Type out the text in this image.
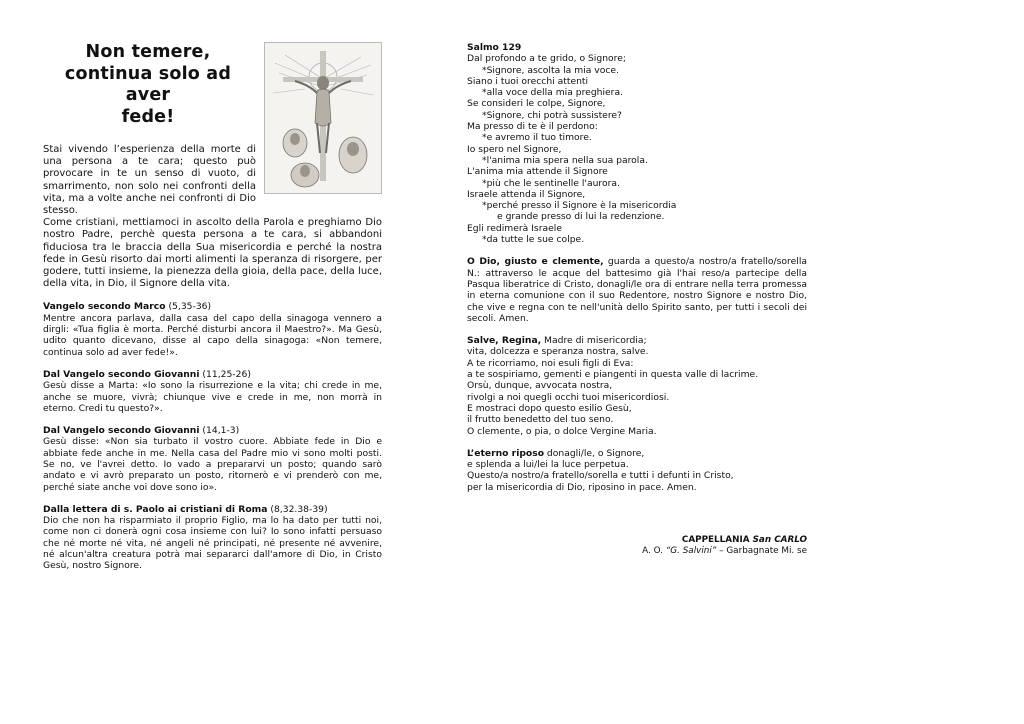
Non temere,
continua solo ad aver
fede!
Stai vivendo l’esperienza della morte di una persona a te cara; questo può provocare in te un senso di vuoto, di smarrimento, non solo nei confronti della vita, ma a volte anche nei confronti di Dio stesso.
Come cristiani, mettiamoci in ascolto della Parola e preghiamo Dio nostro Padre, perchè questa persona a te cara, si abbandoni fiduciosa tra le braccia della Sua misericordia e perché la nostra fede in Gesù risorto dai morti alimenti la speranza di risorgere, per godere, tutti insieme, la pienezza della gioia, della pace, della luce, della vita, in Dio, il Signore della vita.
Vangelo secondo Marco (5,35-36)
Mentre ancora parlava, dalla casa del capo della sinagoga vennero a dirgli: «Tua figlia è morta. Perché disturbi ancora il Maestro?». Ma Gesù, udito quanto dicevano, disse al capo della sinagoga: «Non temere, continua solo ad aver fede!».
Dal Vangelo secondo Giovanni (11,25-26)
Gesù disse a Marta: «Io sono la risurrezione e la vita; chi crede in me, anche se muore, vivrà; chiunque vive e crede in me, non morrà in eterno. Credi tu questo?».
Dal Vangelo secondo Giovanni (14,1-3)
Gesù disse: «Non sia turbato il vostro cuore. Abbiate fede in Dio e abbiate fede anche in me. Nella casa del Padre mio vi sono molti posti. Se no, ve l'avrei detto. Io vado a prepararvi un posto; quando sarò andato e vi avrò preparato un posto, ritornerò e vi prenderò con me, perché siate anche voi dove sono io».
Dalla lettera di s. Paolo ai cristiani di Roma (8,32.38-39)
Dio che non ha risparmiato il proprio Figlio, ma lo ha dato per tutti noi, come non ci donerà ogni cosa insieme con lui? Io sono infatti persuaso che né morte né vita, né angeli né principati, né presente né avvenire, né alcun'altra creatura potrà mai separarci dall'amore di Dio, in Cristo Gesù, nostro Signore.
Salmo 129
Dal profondo a te grido, o Signore;
*Signore, ascolta la mia voce.
Siano i tuoi orecchi attenti
*alla voce della mia preghiera.
Se consideri le colpe, Signore,
*Signore, chi potrà sussistere?
Ma presso di te è il perdono:
*e avremo il tuo timore.
Io spero nel Signore,
*l'anima mia spera nella sua parola.
L'anima mia attende il Signore
*più che le sentinelle l'aurora.
Israele attenda il Signore,
*perché presso il Signore è la misericordia
e grande presso di lui la redenzione.
Egli redimerà Israele
*da tutte le sue colpe.
O Dio, giusto e clemente, guarda a questo/a nostro/a fratello/sorella N.: attraverso le acque del battesimo già l'hai reso/a partecipe della Pasqua liberatrice di Cristo, donagli/le ora di entrare nella terra promessa in eterna comunione con il suo Redentore, nostro Signore e nostro Dio, che vive e regna con te nell'unità dello Spirito santo, per tutti i secoli dei secoli. Amen.
Salve, Regina, Madre di misericordia;
vita, dolcezza e speranza nostra, salve.
A te ricorriamo, noi esuli figli di Eva:
a te sospiriamo, gementi e piangenti in questa valle di lacrime.
Orsù, dunque, avvocata nostra,
rivolgi a noi quegli occhi tuoi misericordiosi.
E mostraci dopo questo esilio Gesù,
il frutto benedetto del tuo seno.
O clemente, o pia, o dolce Vergine Maria.
L’eterno riposo donagli/le, o Signore,
e splenda a lui/lei la luce perpetua.
Questo/a nostro/a fratello/sorella e tutti i defunti in Cristo,
per la misericordia di Dio, riposino in pace. Amen.
CAPPELLANIA San CARLO
A. O. “G. Salvini” – Garbagnate Mi. se
